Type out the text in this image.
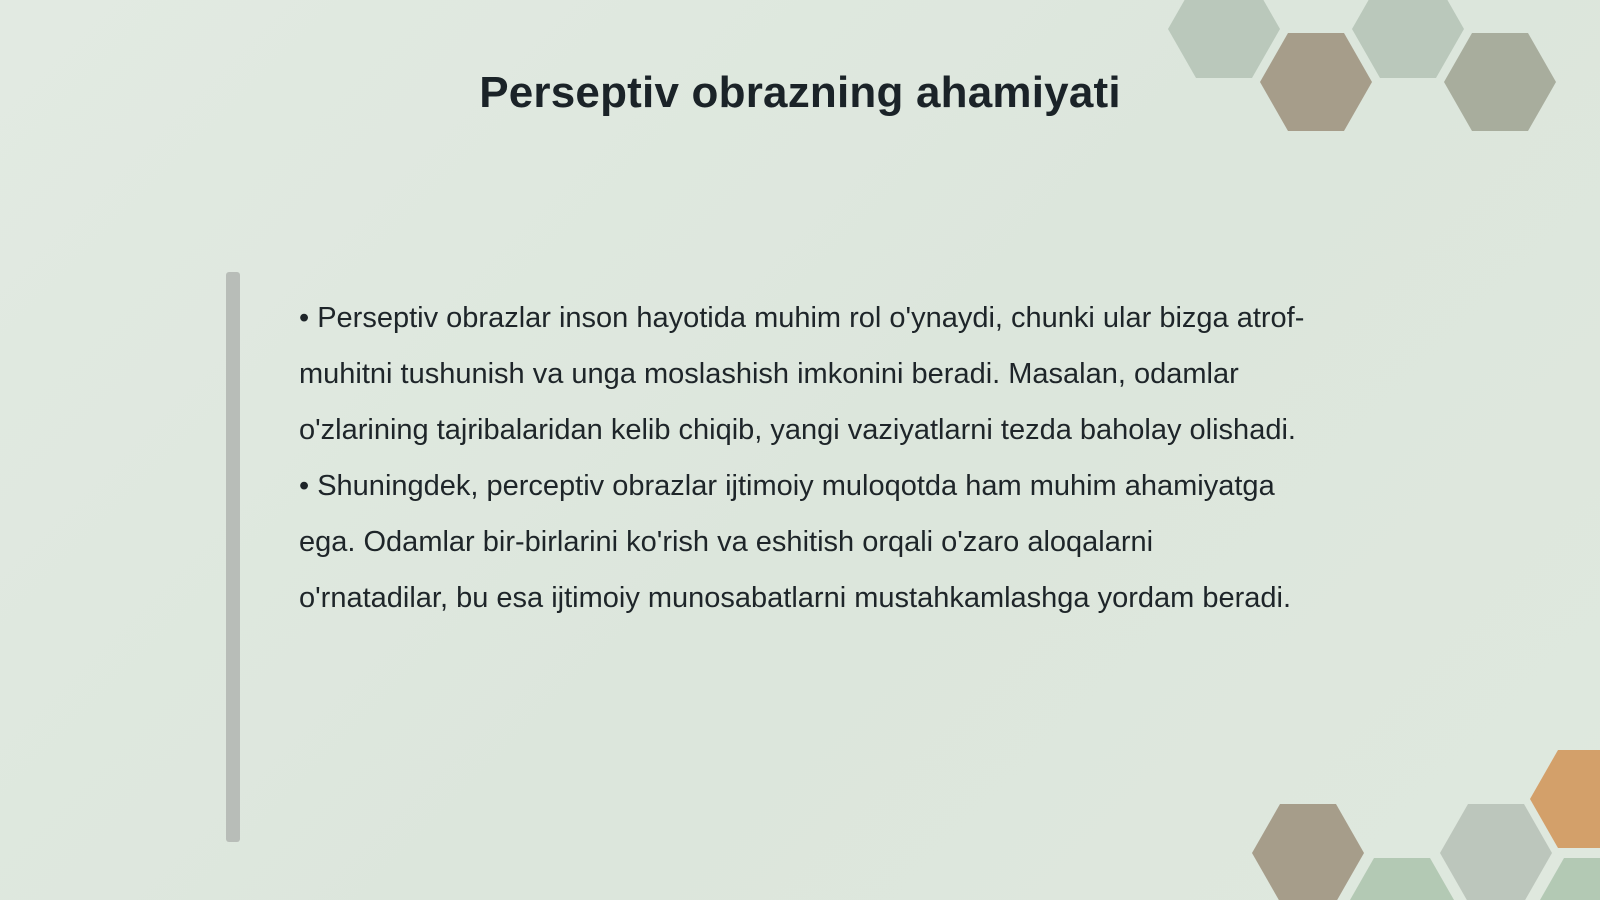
Perseptiv obrazning ahamiyati

• Perseptiv obrazlar inson hayotida muhim rol o'ynaydi, chunki ular bizga atrof-muhitni tushunish va unga moslashish imkonini beradi. Masalan, odamlar o'zlarining tajribalaridan kelib chiqib, yangi vaziyatlarni tezda baholay olishadi.

• Shuningdek, perceptiv obrazlar ijtimoiy muloqotda ham muhim ahamiyatga ega. Odamlar bir-birlarini ko'rish va eshitish orqali o'zaro aloqalarni o'rnatadilar, bu esa ijtimoiy munosabatlarni mustahkamlashga yordam beradi.
